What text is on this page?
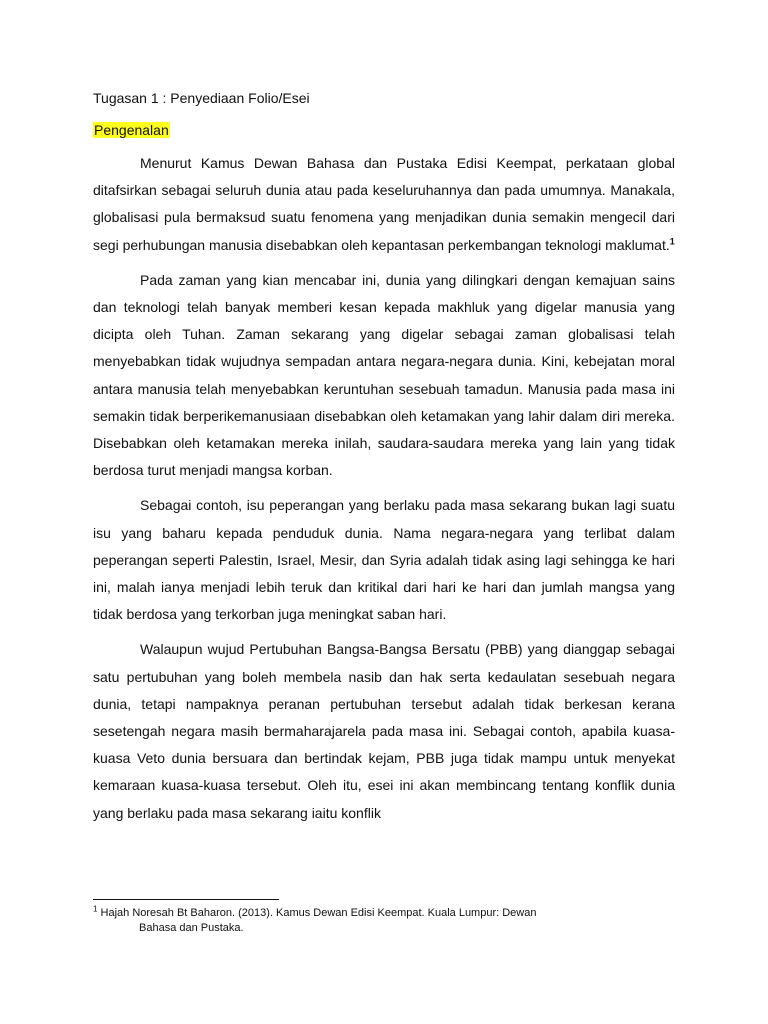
Tugasan 1 : Penyediaan Folio/Esei

Pengenalan

Menurut Kamus Dewan Bahasa dan Pustaka Edisi Keempat, perkataan global ditafsirkan sebagai seluruh dunia atau pada keseluruhannya dan pada umumnya. Manakala, globalisasi pula bermaksud suatu fenomena yang menjadikan dunia semakin mengecil dari segi perhubungan manusia disebabkan oleh kepantasan perkembangan teknologi maklumat.$^1$

Pada zaman yang kian mencabar ini, dunia yang dilingkari dengan kemajuan sains dan teknologi telah banyak memberi kesan kepada makhluk yang digelar manusia yang dicipta oleh Tuhan. Zaman sekarang yang digelar sebagai zaman globalisasi telah menyebabkan tidak wujudnya sempadan antara negara-negara dunia. Kini, kebejatan moral antara manusia telah menyebabkan keruntuhan sesebuah tamadun. Manusia pada masa ini semakin tidak berperikemanusiaan disebabkan oleh ketamakan yang lahir dalam diri mereka. Disebabkan oleh ketamakan mereka inilah, saudara-saudara mereka yang lain yang tidak berdosa turut menjadi mangsa korban.

Sebagai contoh, isu peperangan yang berlaku pada masa sekarang bukan lagi suatu isu yang baharu kepada penduduk dunia. Nama negara-negara yang terlibat dalam peperangan seperti Palestin, Israel, Mesir, dan Syria adalah tidak asing lagi sehingga ke hari ini, malah ianya menjadi lebih teruk dan kritikal dari hari ke hari dan jumlah mangsa yang tidak berdosa yang terkorban juga meningkat saban hari.

Walaupun wujud Pertubuhan Bangsa-Bangsa Bersatu (PBB) yang dianggap sebagai satu pertubuhan yang boleh membela nasib dan hak serta kedaulatan sesebuah negara dunia, tetapi nampaknya peranan pertubuhan tersebut adalah tidak berkesan kerana sesetengah negara masih bermaharajarela pada masa ini. Sebagai contoh, apabila kuasa-kuasa Veto dunia bersuara dan bertindak kejam, PBB juga tidak mampu untuk menyekat kemaraan kuasa-kuasa tersebut. Oleh itu, esei ini akan membincang tentang konflik dunia yang berlaku pada masa sekarang iaitu konflik

$^1$ Hajah Noresah Bt Baharon. (2013). Kamus Dewan Edisi Keempat. Kuala Lumpur: Dewan
Bahasa dan Pustaka.
